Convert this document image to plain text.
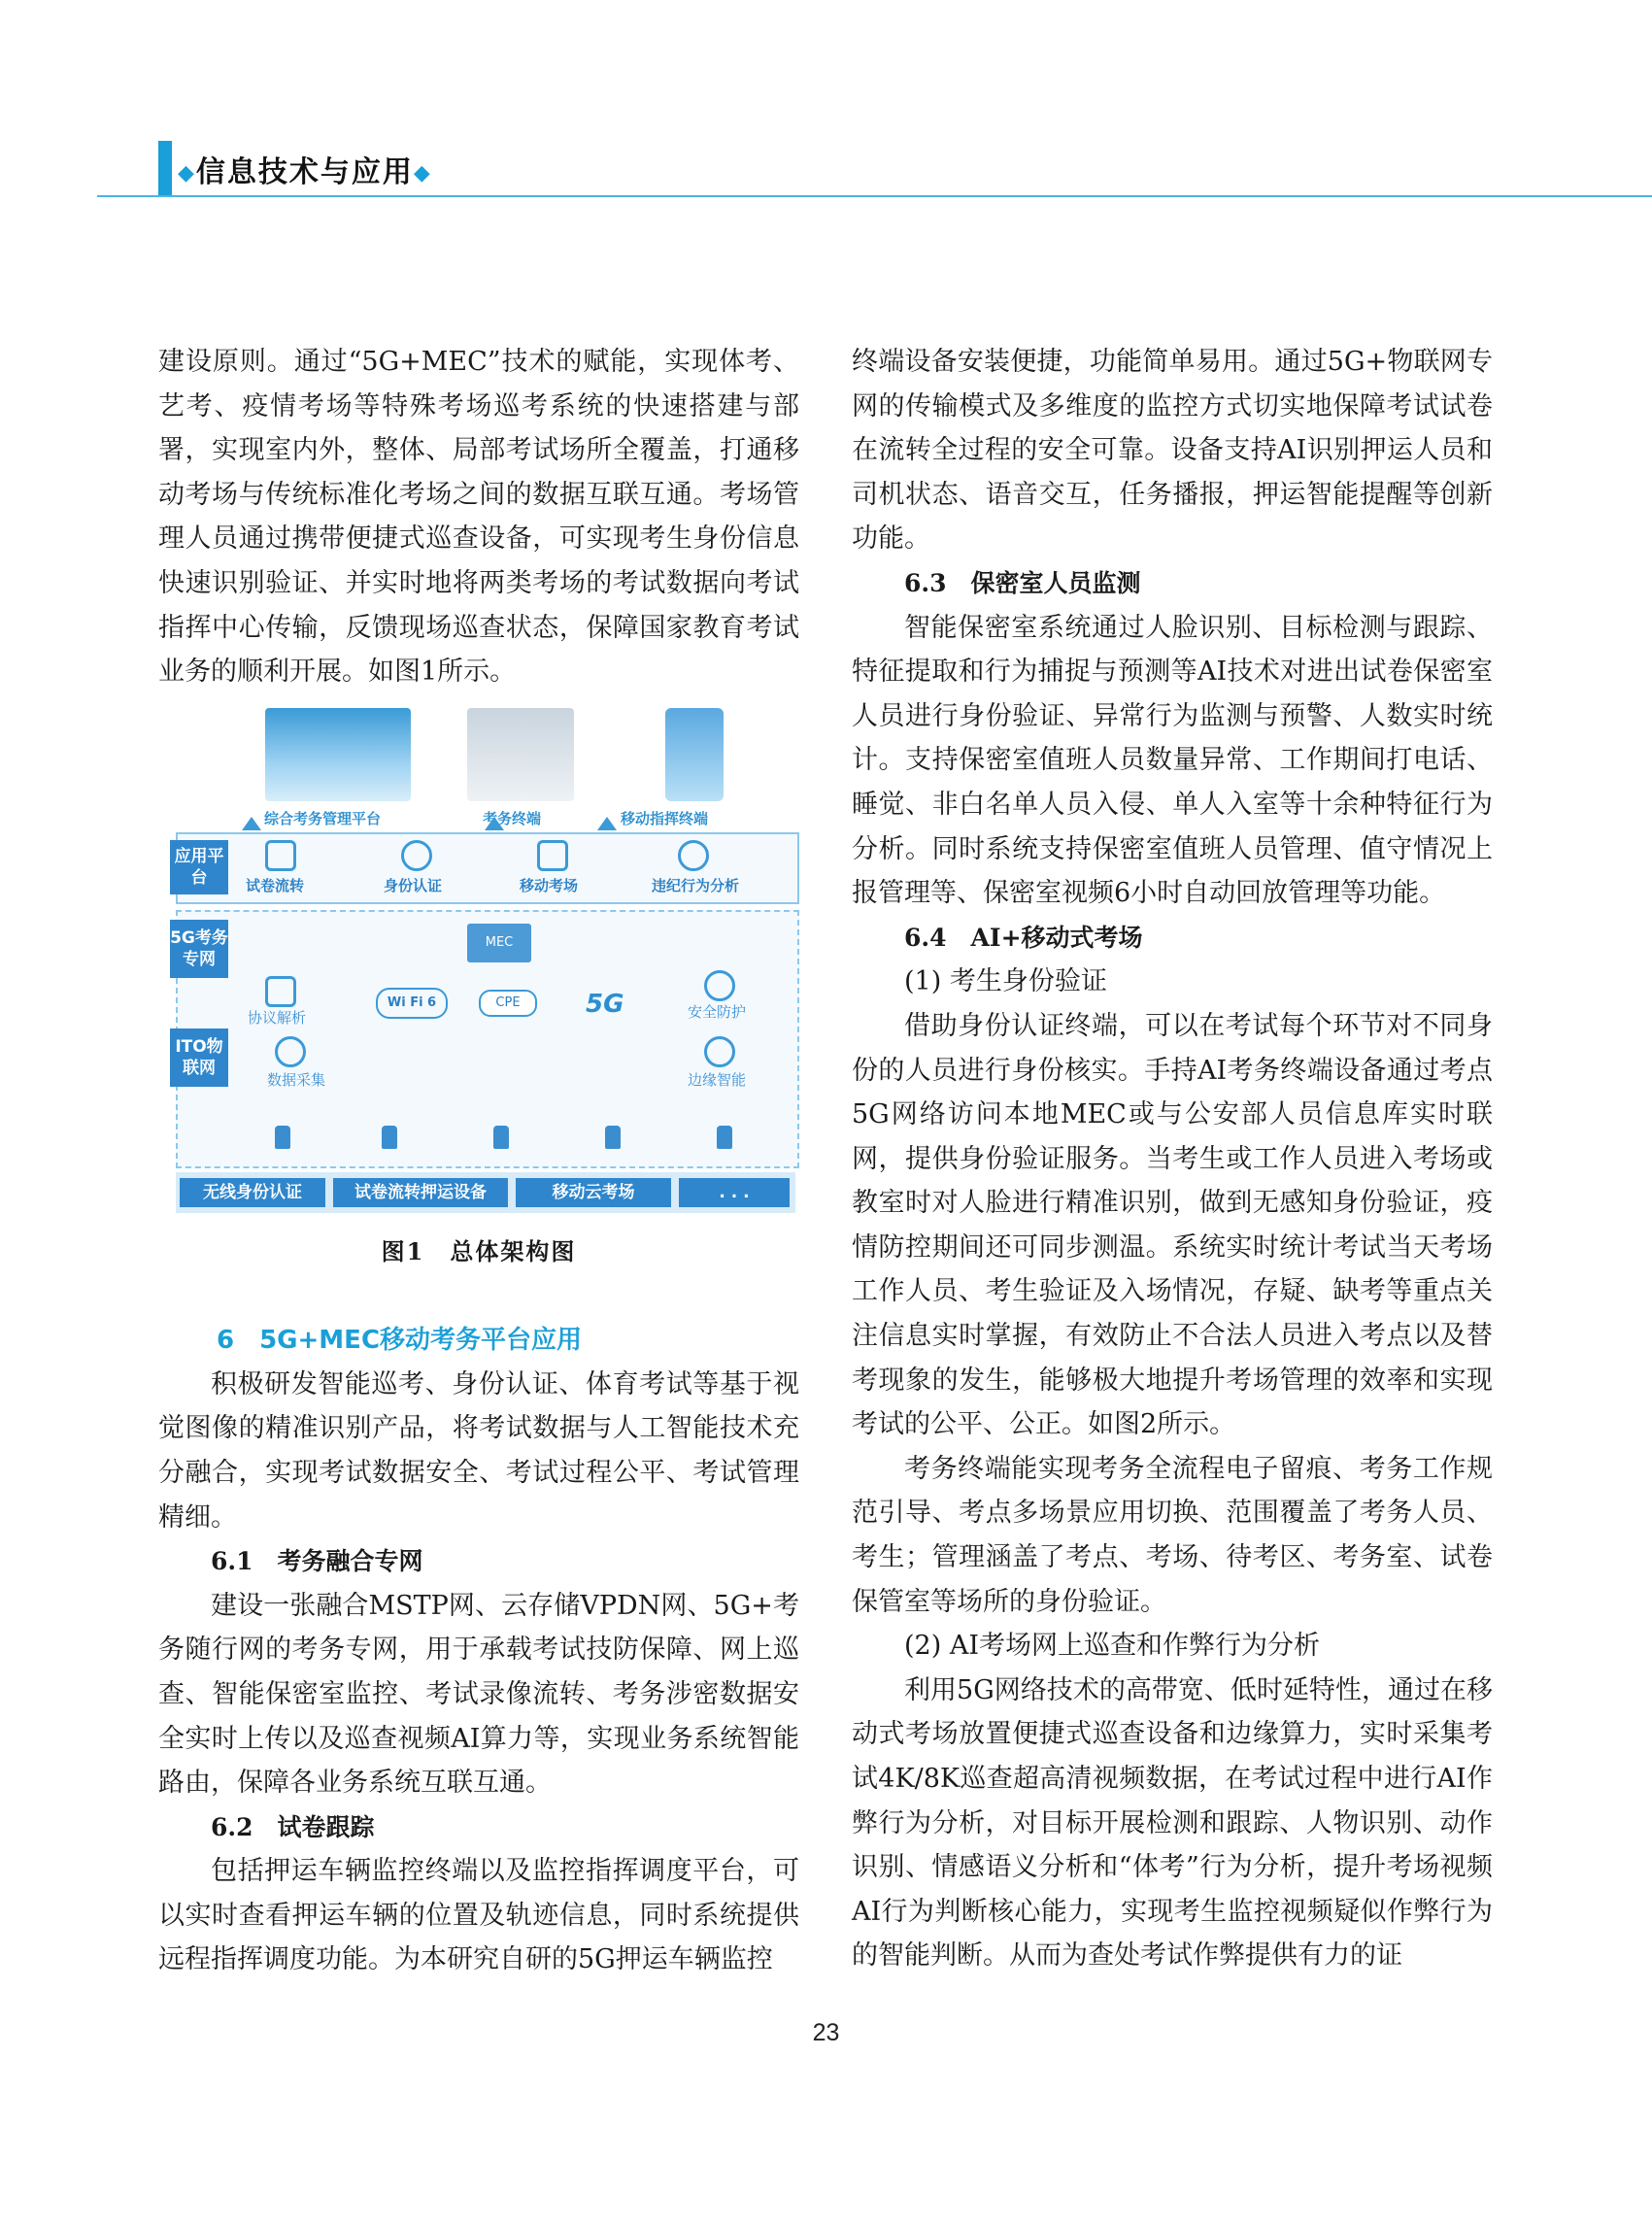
◆信息技术与应用◆

建设原则。通过“5G+MEC”技术的赋能，实现体考、艺考、疫情考场等特殊考场巡考系统的快速搭建与部署，实现室内外，整体、局部考试场所全覆盖，打通移动考场与传统标准化考场之间的数据互联互通。考场管理人员通过携带便捷式巡查设备，可实现考生身份信息快速识别验证、并实时地将两类考场的考试数据向考试指挥中心传输，反馈现场巡查状态，保障国家教育考试业务的顺利开展。如图1所示。

综合考务管理平台	考务终端	移动指挥终端
应用平台	试卷流转	身份认证	移动考场	违纪行为分析
5G考务专网
ITO物联网
MEC
CPE
Wi Fi 6	5G
协议解析	安全防护
数据采集	边缘智能
无线身份认证	试卷流转押运设备	移动云考场	. . .
图1　总体架构图

6　5G+MEC移动考务平台应用

积极研发智能巡考、身份认证、体育考试等基于视觉图像的精准识别产品，将考试数据与人工智能技术充分融合，实现考试数据安全、考试过程公平、考试管理精细。

6.1　考务融合专网

建设一张融合MSTP网、云存储VPDN网、5G+考务随行网的考务专网，用于承载考试技防保障、网上巡查、智能保密室监控、考试录像流转、考务涉密数据安全实时上传以及巡查视频AI算力等，实现业务系统智能路由，保障各业务系统互联互通。

6.2　试卷跟踪

包括押运车辆监控终端以及监控指挥调度平台，可以实时查看押运车辆的位置及轨迹信息，同时系统提供远程指挥调度功能。为本研究自研的5G押运车辆监控

终端设备安装便捷，功能简单易用。通过5G+物联网专网的传输模式及多维度的监控方式切实地保障考试试卷在流转全过程的安全可靠。设备支持AI识别押运人员和司机状态、语音交互，任务播报，押运智能提醒等创新功能。

6.3　保密室人员监测

智能保密室系统通过人脸识别、目标检测与跟踪、特征提取和行为捕捉与预测等AI技术对进出试卷保密室人员进行身份验证、异常行为监测与预警、人数实时统计。支持保密室值班人员数量异常、工作期间打电话、睡觉、非白名单人员入侵、单人入室等十余种特征行为分析。同时系统支持保密室值班人员管理、值守情况上报管理等、保密室视频6小时自动回放管理等功能。

6.4　AI+移动式考场

(1) 考生身份验证

借助身份认证终端，可以在考试每个环节对不同身份的人员进行身份核实。手持AI考务终端设备通过考点5G网络访问本地MEC或与公安部人员信息库实时联网，提供身份验证服务。当考生或工作人员进入考场或教室时对人脸进行精准识别，做到无感知身份验证，疫情防控期间还可同步测温。系统实时统计考试当天考场工作人员、考生验证及入场情况，存疑、缺考等重点关注信息实时掌握，有效防止不合法人员进入考点以及替考现象的发生，能够极大地提升考场管理的效率和实现考试的公平、公正。如图2所示。

考务终端能实现考务全流程电子留痕、考务工作规范引导、考点多场景应用切换、范围覆盖了考务人员、考生；管理涵盖了考点、考场、待考区、考务室、试卷保管室等场所的身份验证。

(2) AI考场网上巡查和作弊行为分析

利用5G网络技术的高带宽、低时延特性，通过在移动式考场放置便捷式巡查设备和边缘算力，实时采集考试4K/8K巡查超高清视频数据，在考试过程中进行AI作弊行为分析，对目标开展检测和跟踪、人物识别、动作识别、情感语义分析和“体考”行为分析，提升考场视频AI行为判断核心能力，实现考生监控视频疑似作弊行为的智能判断。从而为查处考试作弊提供有力的证

23
